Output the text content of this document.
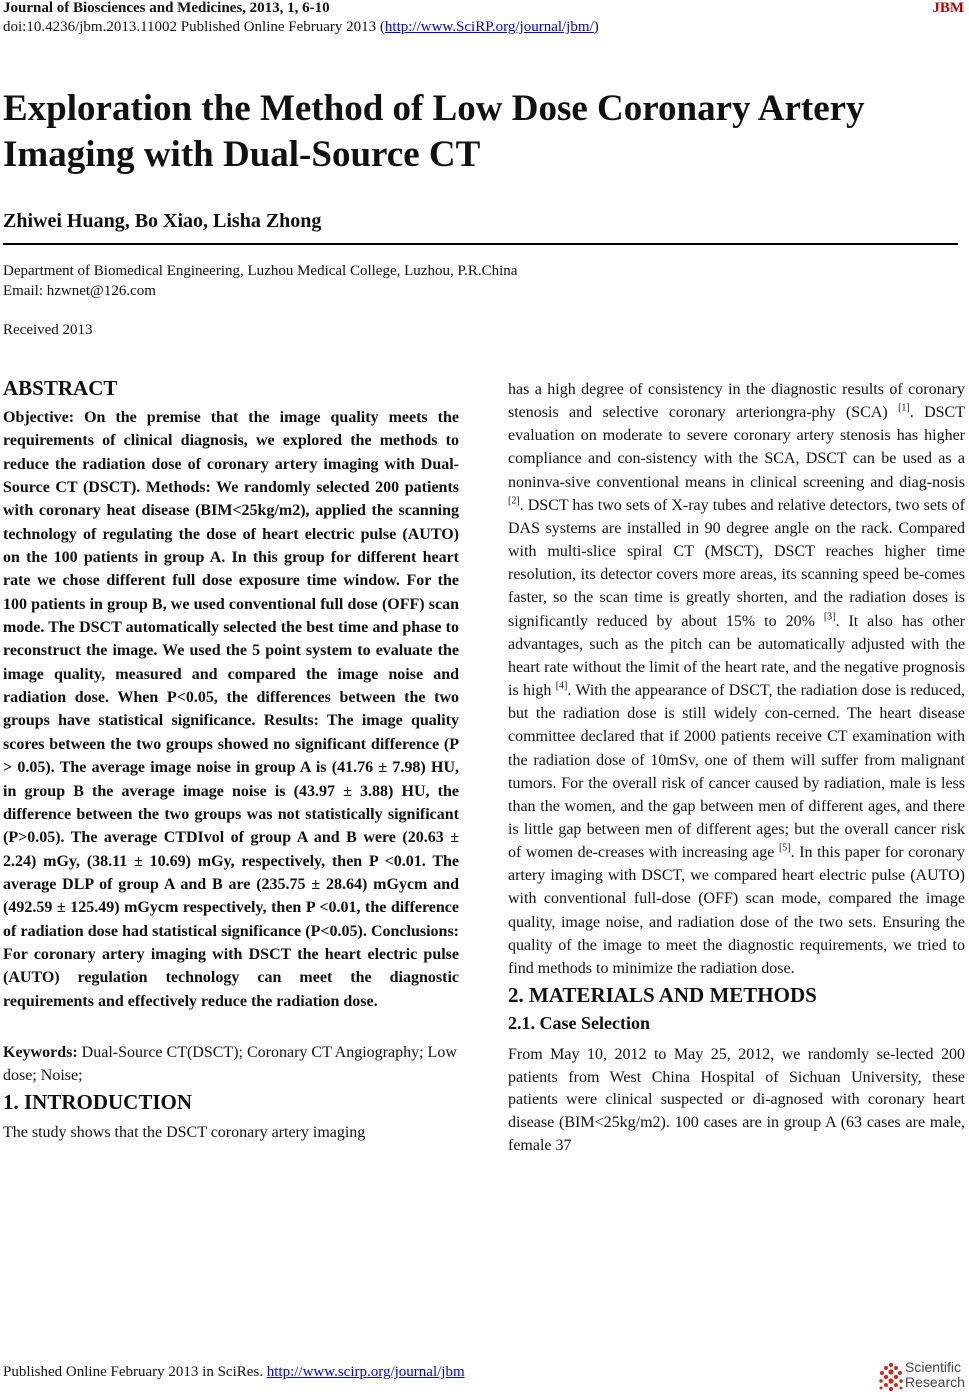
Journal of Biosciences and Medicines, 2013, 1, 6-10	JBM
doi:10.4236/jbm.2013.11002 Published Online February 2013 (http://www.SciRP.org/journal/jbm/)
Exploration the Method of Low Dose Coronary Artery Imaging with Dual-Source CT
Zhiwei Huang, Bo Xiao, Lisha Zhong
Department of Biomedical Engineering, Luzhou Medical College, Luzhou, P.R.China
Email: hzwnet@126.com
Received 2013
ABSTRACT

Objective: On the premise that the image quality meets the requirements of clinical diagnosis, we explored the methods to reduce the radiation dose of coronary artery imaging with Dual-Source CT (DSCT). Methods: We randomly selected 200 patients with coronary heat disease (BIM<25kg/m2), applied the scanning technology of regulating the dose of heart electric pulse (AUTO) on the 100 patients in group A. In this group for different heart rate we chose different full dose exposure time window. For the 100 patients in group B, we used conventional full dose (OFF) scan mode. The DSCT automatically selected the best time and phase to reconstruct the image. We used the 5 point system to evaluate the image quality, measured and compared the image noise and radiation dose. When P<0.05, the differences between the two groups have statistical significance. Results: The image quality scores between the two groups showed no significant difference (P > 0.05). The average image noise in group A is (41.76 ± 7.98) HU, in group B the average image noise is (43.97 ± 3.88) HU, the difference between the two groups was not statistically significant (P>0.05). The average CTDIvol of group A and B were (20.63 ± 2.24) mGy, (38.11 ± 10.69) mGy, respectively, then P <0.01. The average DLP of group A and B are (235.75 ± 28.64) mGycm and (492.59 ± 125.49) mGycm respectively, then P <0.01, the difference of radiation dose had statistical significance (P<0.05). Conclusions: For coronary artery imaging with DSCT the heart electric pulse (AUTO) regulation technology can meet the diagnostic requirements and effectively reduce the radiation dose.

Keywords: Dual-Source CT(DSCT); Coronary CT Angiography; Low dose; Noise;

1. INTRODUCTION

The study shows that the DSCT coronary artery imaging

has a high degree of consistency in the diagnostic results of coronary stenosis and selective coronary arteriongra-phy (SCA) [1]. DSCT evaluation on moderate to severe coronary artery stenosis has higher compliance and con-sistency with the SCA, DSCT can be used as a noninva-sive conventional means in clinical screening and diag-nosis [2]. DSCT has two sets of X-ray tubes and relative detectors, two sets of DAS systems are installed in 90 degree angle on the rack. Compared with multi-slice spiral CT (MSCT), DSCT reaches higher time resolution, its detector covers more areas, its scanning speed be-comes faster, so the scan time is greatly shorten, and the radiation doses is significantly reduced by about 15% to 20% [3]. It also has other advantages, such as the pitch can be automatically adjusted with the heart rate without the limit of the heart rate, and the negative prognosis is high [4]. With the appearance of DSCT, the radiation dose is reduced, but the radiation dose is still widely con-cerned. The heart disease committee declared that if 2000 patients receive CT examination with the radiation dose of 10mSv, one of them will suffer from malignant tumors. For the overall risk of cancer caused by radiation, male is less than the women, and the gap between men of different ages, and there is little gap between men of different ages; but the overall cancer risk of women de-creases with increasing age [5]. In this paper for coronary artery imaging with DSCT, we compared heart electric pulse (AUTO) with conventional full-dose (OFF) scan mode, compared the image quality, image noise, and radiation dose of the two sets. Ensuring the quality of the image to meet the diagnostic requirements, we tried to find methods to minimize the radiation dose.

2. MATERIALS AND METHODS
2.1. Case Selection

From May 10, 2012 to May 25, 2012, we randomly se-lected 200 patients from West China Hospital of Sichuan University, these patients were clinical suspected or di-agnosed with coronary heart disease (BIM<25kg/m2). 100 cases are in group A (63 cases are male, female 37

Published Online February 2013 in SciRes. http://www.scirp.org/journal/jbm	Scientific
Research
